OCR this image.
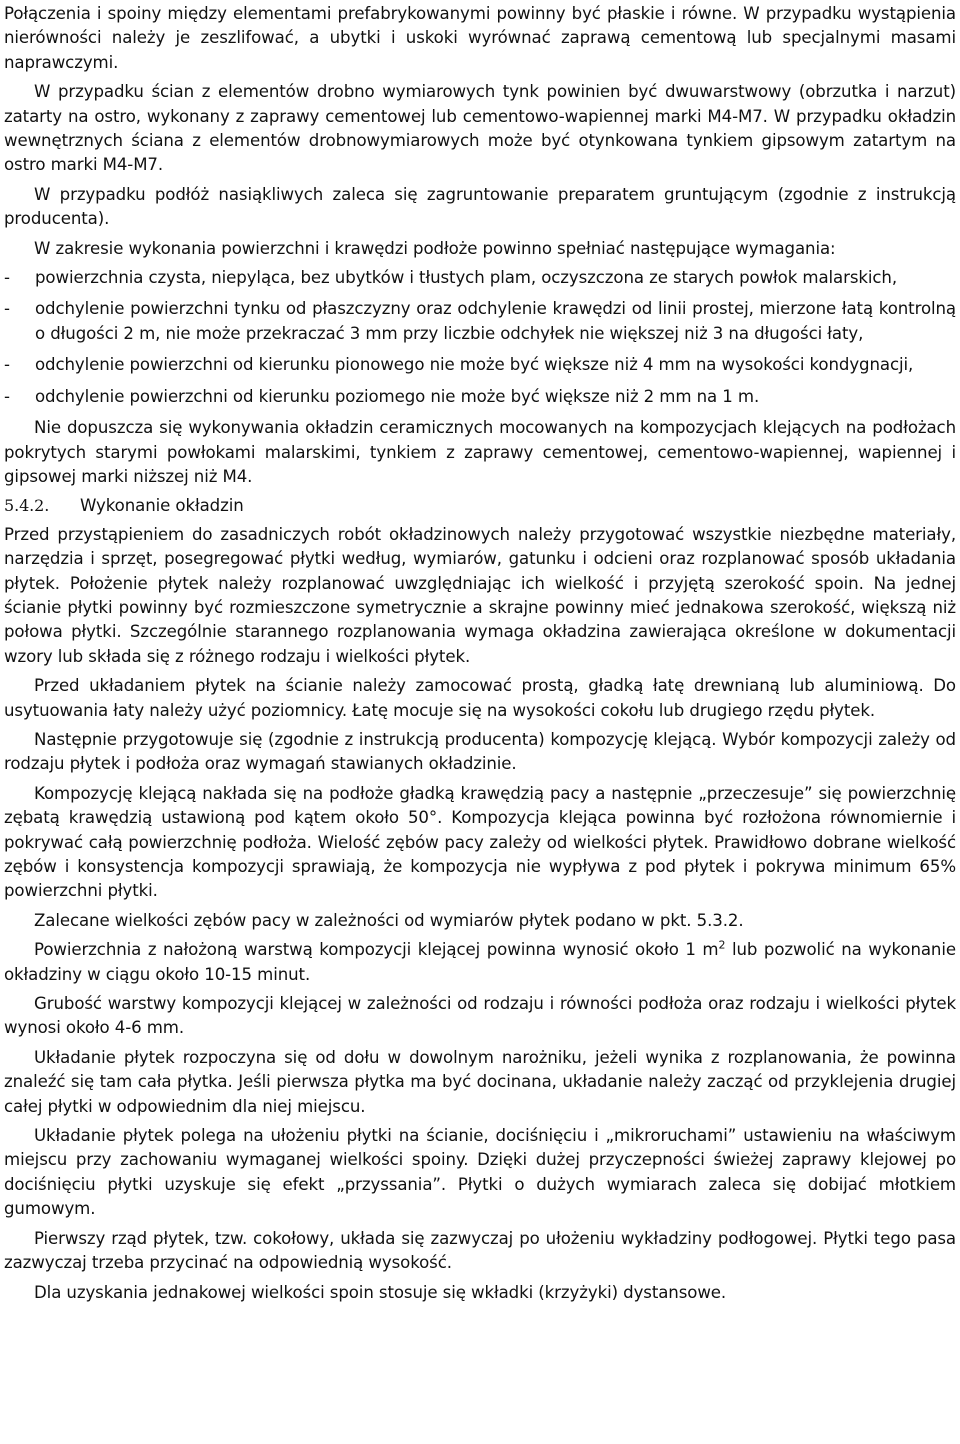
Połączenia i spoiny między elementami prefabrykowanymi powinny być płaskie i równe. W przypadku wystąpienia nierówności należy je zeszlifować, a ubytki i uskoki wyrównać zaprawą cementową lub specjalnymi masami naprawczymi.

W przypadku ścian z elementów drobno wymiarowych tynk powinien być dwuwarstwowy (obrzutka i narzut) zatarty na ostro, wykonany z zaprawy cementowej lub cementowo-wapiennej marki M4-M7. W przypadku okładzin wewnętrznych ściana z elementów drobnowymiarowych może być otynkowana tynkiem gipsowym zatartym na ostro marki M4-M7.

W przypadku podłóż nasiąkliwych zaleca się zagruntowanie preparatem gruntującym (zgodnie z instrukcją producenta).

W zakresie wykonania powierzchni i krawędzi podłoże powinno spełniać następujące wymagania:

- powierzchnia czysta, niepyląca, bez ubytków i tłustych plam, oczyszczona ze starych powłok malarskich,
- odchylenie powierzchni tynku od płaszczyzny oraz odchylenie krawędzi od linii prostej, mierzone łatą kontrolną o długości 2 m, nie może przekraczać 3 mm przy liczbie odchyłek nie większej niż 3 na długości łaty,
- odchylenie powierzchni od kierunku pionowego nie może być większe niż 4 mm na wysokości kondygnacji,
- odchylenie powierzchni od kierunku poziomego nie może być większe niż 2 mm na 1 m.

Nie dopuszcza się wykonywania okładzin ceramicznych mocowanych na kompozycjach klejących na podłożach pokrytych starymi powłokami malarskimi, tynkiem z zaprawy cementowej, cementowo-wapiennej, wapiennej i gipsowej marki niższej niż M4.

5.4.2. Wykonanie okładzin

Przed przystąpieniem do zasadniczych robót okładzinowych należy przygotować wszystkie niezbędne materiały, narzędzia i sprzęt, posegregować płytki według, wymiarów, gatunku i odcieni oraz rozplanować sposób układania płytek. Położenie płytek należy rozplanować uwzględniając ich wielkość i przyjętą szerokość spoin. Na jednej ścianie płytki powinny być rozmieszczone symetrycznie a skrajne powinny mieć jednakowa szerokość, większą niż połowa płytki. Szczególnie starannego rozplanowania wymaga okładzina zawierająca określone w dokumentacji wzory lub składa się z różnego rodzaju i wielkości płytek.

Przed układaniem płytek na ścianie należy zamocować prostą, gładką łatę drewnianą lub aluminiową. Do usytuowania łaty należy użyć poziomnicy. Łatę mocuje się na wysokości cokołu lub drugiego rzędu płytek.

Następnie przygotowuje się (zgodnie z instrukcją producenta) kompozycję klejącą. Wybór kompozycji zależy od rodzaju płytek i podłoża oraz wymagań stawianych okładzinie.

Kompozycję klejącą nakłada się na podłoże gładką krawędzią pacy a następnie „przeczesuje” się powierzchnię zębatą krawędzią ustawioną pod kątem około 50°. Kompozycja klejąca powinna być rozłożona równomiernie i pokrywać całą powierzchnię podłoża. Wielość zębów pacy zależy od wielkości płytek. Prawidłowo dobrane wielkość zębów i konsystencja kompozycji sprawiają, że kompozycja nie wypływa z pod płytek i pokrywa minimum 65% powierzchni płytki.

Zalecane wielkości zębów pacy w zależności od wymiarów płytek podano w pkt. 5.3.2.

Powierzchnia z nałożoną warstwą kompozycji klejącej powinna wynosić około 1 $m^2$ lub pozwolić na wykonanie okładziny w ciągu około 10-15 minut.

Grubość warstwy kompozycji klejącej w zależności od rodzaju i równości podłoża oraz rodzaju i wielkości płytek wynosi około 4-6 mm.

Układanie płytek rozpoczyna się od dołu w dowolnym narożniku, jeżeli wynika z rozplanowania, że powinna znaleźć się tam cała płytka. Jeśli pierwsza płytka ma być docinana, układanie należy zacząć od przyklejenia drugiej całej płytki w odpowiednim dla niej miejscu.

Układanie płytek polega na ułożeniu płytki na ścianie, dociśnięciu i „mikroruchami” ustawieniu na właściwym miejscu przy zachowaniu wymaganej wielkości spoiny. Dzięki dużej przyczepności świeżej zaprawy klejowej po dociśnięciu płytki uzyskuje się efekt „przyssania”. Płytki o dużych wymiarach zaleca się dobijać młotkiem gumowym.

Pierwszy rząd płytek, tzw. cokołowy, układa się zazwyczaj po ułożeniu wykładziny podłogowej. Płytki tego pasa zazwyczaj trzeba przycinać na odpowiednią wysokość.

Dla uzyskania jednakowej wielkości spoin stosuje się wkładki (krzyżyki) dystansowe.
